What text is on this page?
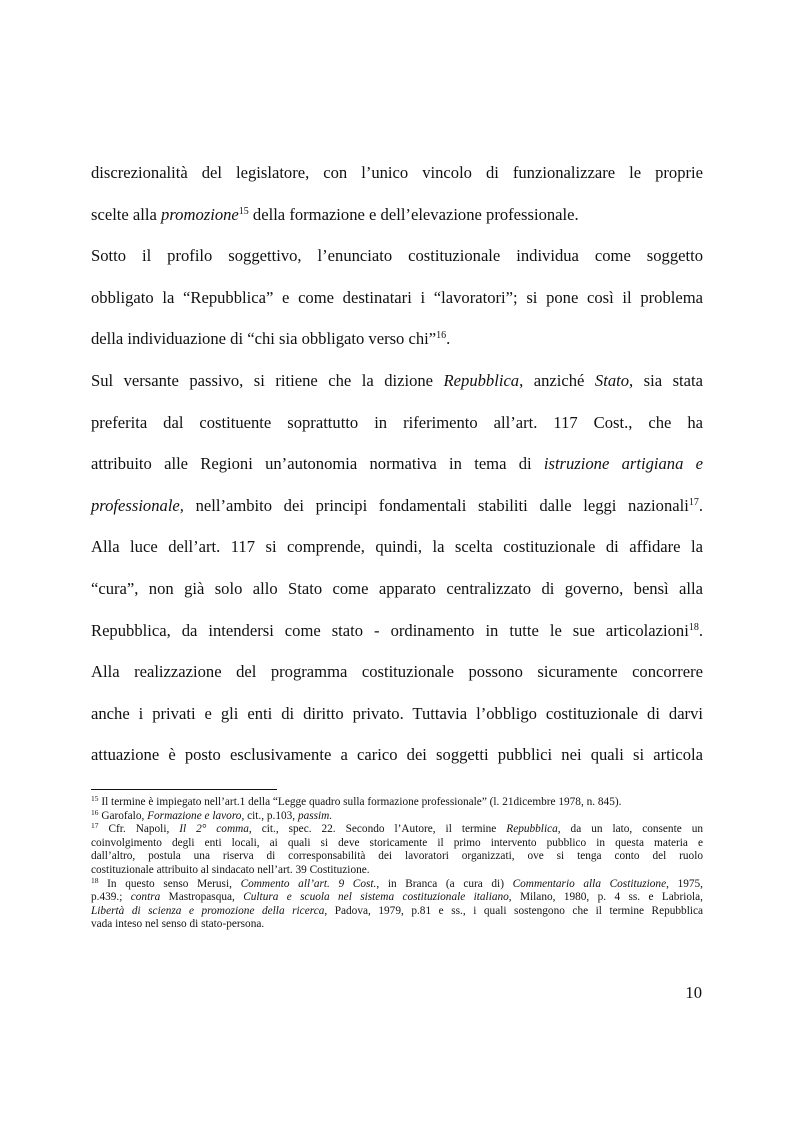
discrezionalità del legislatore, con l’unico vincolo di funzionalizzare le proprie
scelte alla promozione$^{15}$ della formazione e dell’elevazione professionale.
Sotto il profilo soggettivo, l’enunciato costituzionale individua come soggetto
obbligato la “Repubblica” e come destinatari i “lavoratori”; si pone così il problema
della individuazione di “chi sia obbligato verso chi”$^{16}$.
Sul versante passivo, si ritiene che la dizione Repubblica, anziché Stato, sia stata
preferita dal costituente soprattutto in riferimento all’art. 117 Cost., che ha
attribuito alle Regioni un’autonomia normativa in tema di istruzione artigiana e
professionale, nell’ambito dei principi fondamentali stabiliti dalle leggi nazionali$^{17}$.
Alla luce dell’art. 117 si comprende, quindi, la scelta costituzionale di affidare la
“cura”, non già solo allo Stato come apparato centralizzato di governo, bensì alla
Repubblica, da intendersi come stato - ordinamento in tutte le sue articolazioni$^{18}$.
Alla realizzazione del programma costituzionale possono sicuramente concorrere
anche i privati e gli enti di diritto privato. Tuttavia l’obbligo costituzionale di darvi
attuazione è posto esclusivamente a carico dei soggetti pubblici nei quali si articola
$^{15}$ Il termine è impiegato nell’art.1 della “Legge quadro sulla formazione professionale” (l. 21dicembre 1978, n. 845).
$^{16}$ Garofalo, Formazione e lavoro, cit., p.103, passim.
$^{17}$ Cfr. Napoli, Il 2° comma, cit., spec. 22. Secondo l’Autore, il termine Repubblica, da un lato, consente un
coinvolgimento degli enti locali, ai quali si deve storicamente il primo intervento pubblico in questa materia e
dall’altro, postula una riserva di corresponsabilità dei lavoratori organizzati, ove si tenga conto del ruolo
costituzionale attribuito al sindacato nell’art. 39 Costituzione.
$^{18}$ In questo senso Merusi, Commento all’art. 9 Cost., in Branca (a cura di) Commentario alla Costituzione, 1975,
p.439.; contra Mastropasqua, Cultura e scuola nel sistema costituzionale italiano, Milano, 1980, p. 4 ss. e Labriola,
Libertà di scienza e promozione della ricerca, Padova, 1979, p.81 e ss., i quali sostengono che il termine Repubblica
vada inteso nel senso di stato-persona.
10
